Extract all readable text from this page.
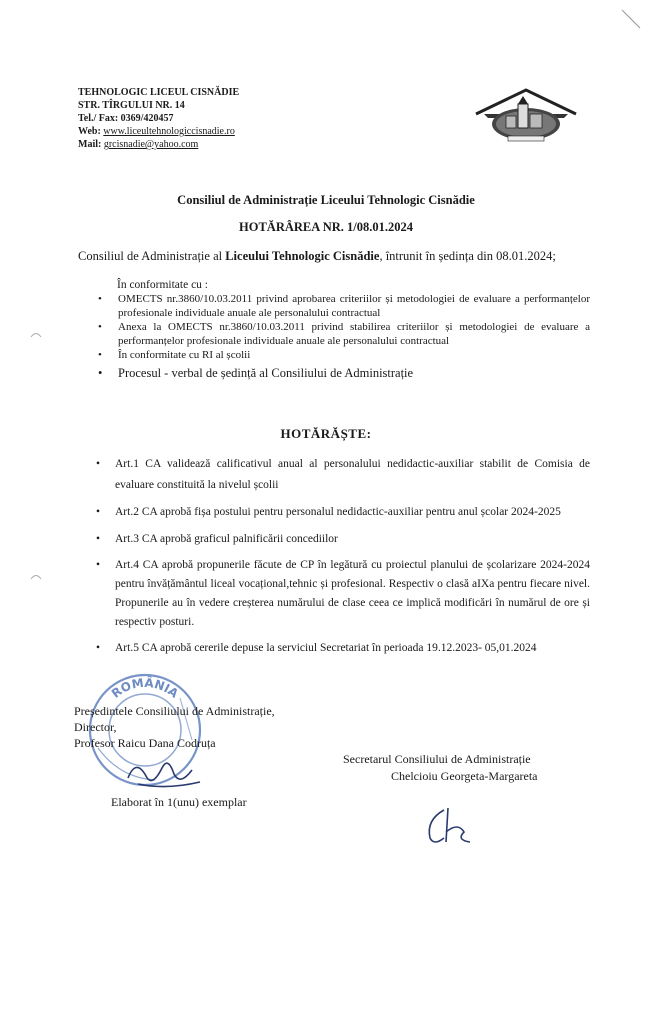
TEHNOLOGIC LICEUL CISNĂDIE
STR. TÎRGULUI NR. 14
Tel./ Fax: 0369/420457
Web: www.liceultehnologiccisnadie.ro
Mail: grcisnadie@yahoo.com
Consiliul de Administrație Liceului Tehnologic Cisnădie
HOTĂRÂREA NR. 1/08.01.2024
Consiliul de Administrație al Liceului Tehnologic Cisnădie, întrunit în ședința din 08.01.2024;
În conformitate cu :
• OMECTS nr.3860/10.03.2011 privind aprobarea criteriilor și metodologiei de evaluare a performanțelor profesionale individuale anuale ale personalului contractual
• Anexa la OMECTS nr.3860/10.03.2011 privind stabilirea criteriilor și metodologiei de evaluare a performanțelor profesionale individuale anuale ale personalului contractual
• În conformitate cu RI al școlii
• Procesul - verbal de ședință al Consiliului de Administrație
HOTĂRĂȘTE:
• Art.1 CA validează calificativul anual al personalului nedidactic-auxiliar stabilit de Comisia de evaluare constituită la nivelul școlii
• Art.2 CA aprobă fișa postului pentru personalul nedidactic-auxiliar pentru anul școlar 2024-2025
• Art.3 CA aprobă graficul palnificării concediilor
• Art.4 CA aprobă propunerile făcute de CP în legătură cu proiectul planului de școlarizare 2024-2024 pentru învățământul liceal vocațional,tehnic și profesional. Respectiv o clasă aIXa pentru fiecare nivel. Propunerile au în vedere creșterea numărului de clase ceea ce implică modificări în numărul de ore și respectiv posturi.
• Art.5 CA aprobă cererile depuse la serviciul Secretariat în perioada 19.12.2023- 05,01.2024
ROMÂNIA
Președintele Consiliului de Administrație,
Director,
Profesor Raicu Dana Codruța
Secretarul Consiliului de Administrație
Chelcioiu Georgeta-Margareta
Elaborat în 1(unu) exemplar
